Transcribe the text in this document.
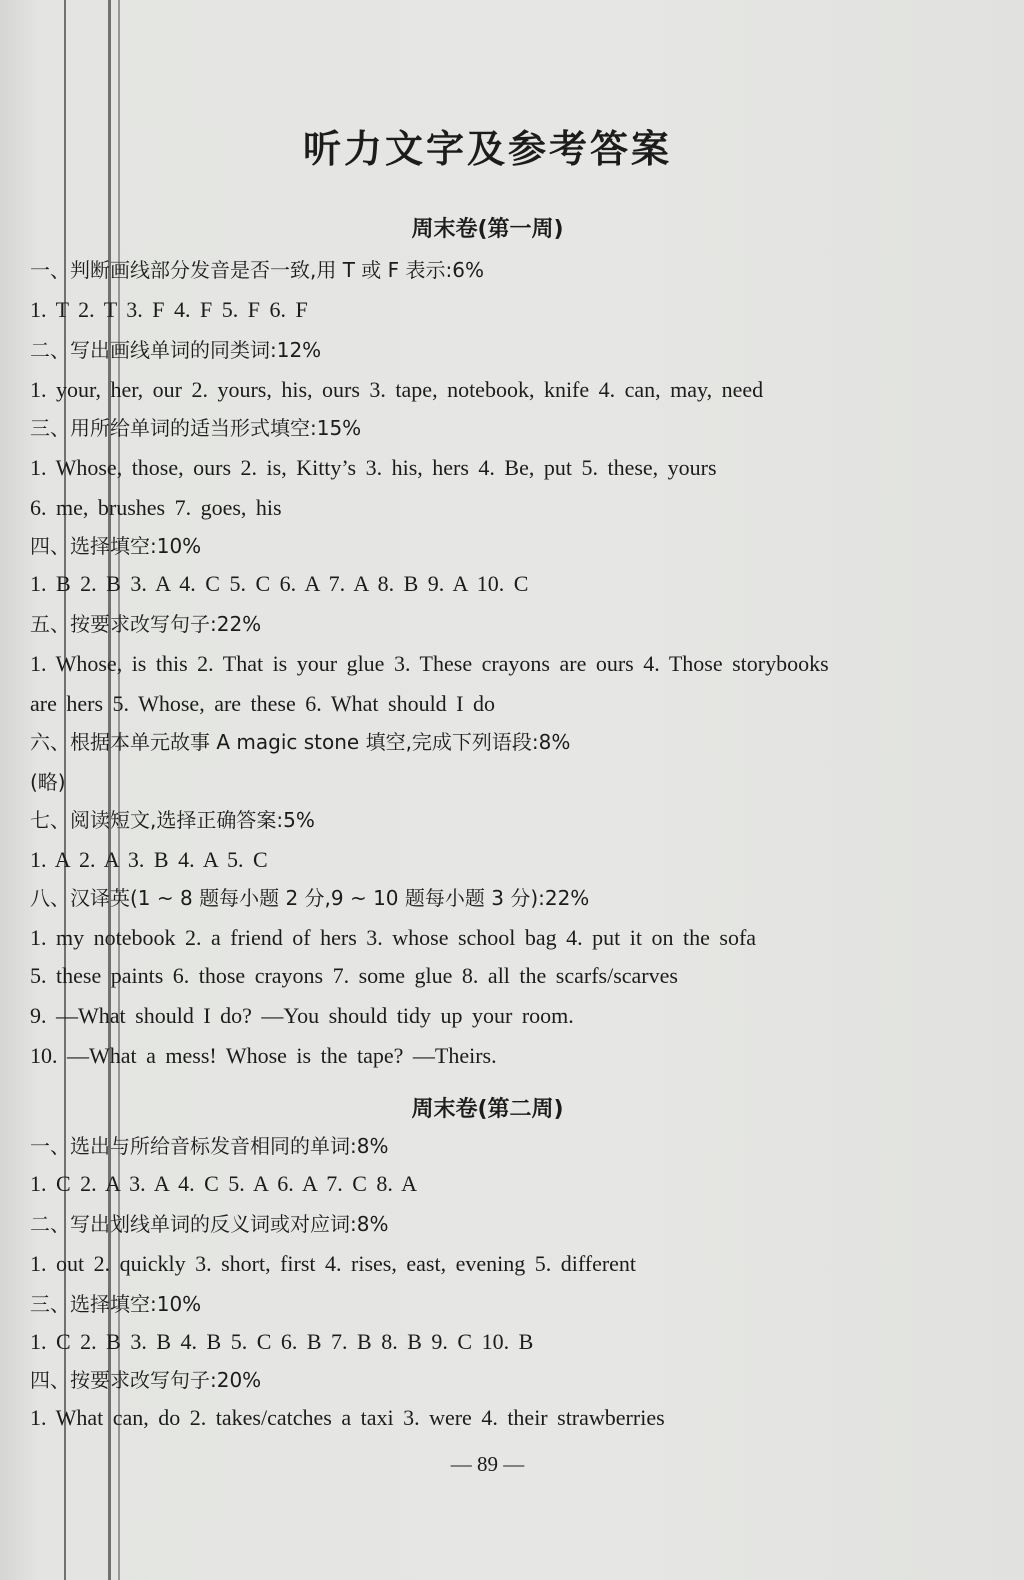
听力文字及参考答案
周末卷(第一周)
一、判断画线部分发音是否一致,用 T 或 F 表示:6%
1. T 2. T 3. F 4. F 5. F 6. F
二、写出画线单词的同类词:12%
1. your, her, our 2. yours, his, ours 3. tape, notebook, knife 4. can, may, need
三、用所给单词的适当形式填空:15%
1. Whose, those, ours 2. is, Kitty’s 3. his, hers 4. Be, put 5. these, yours
6. me, brushes 7. goes, his
四、选择填空:10%
1. B 2. B 3. A 4. C 5. C 6. A 7. A 8. B 9. A 10. C
五、按要求改写句子:22%
1. Whose, is this 2. That is your glue 3. These crayons are ours 4. Those storybooks
are hers 5. Whose, are these 6. What should I do
六、根据本单元故事 A magic stone 填空,完成下列语段:8%
(略)
七、阅读短文,选择正确答案:5%
1. A 2. A 3. B 4. A 5. C
八、汉译英(1 ~ 8 题每小题 2 分,9 ~ 10 题每小题 3 分):22%
1. my notebook 2. a friend of hers 3. whose school bag 4. put it on the sofa
5. these paints 6. those crayons 7. some glue 8. all the scarfs/scarves
9. —What should I do? —You should tidy up your room.
10. —What a mess! Whose is the tape? —Theirs.
周末卷(第二周)
一、选出与所给音标发音相同的单词:8%
1. C 2. A 3. A 4. C 5. A 6. A 7. C 8. A
二、写出划线单词的反义词或对应词:8%
1. out 2. quickly 3. short, first 4. rises, east, evening 5. different
三、选择填空:10%
1. C 2. B 3. B 4. B 5. C 6. B 7. B 8. B 9. C 10. B
四、按要求改写句子:20%
1. What can, do 2. takes/catches a taxi 3. were 4. their strawberries
— 89 —
